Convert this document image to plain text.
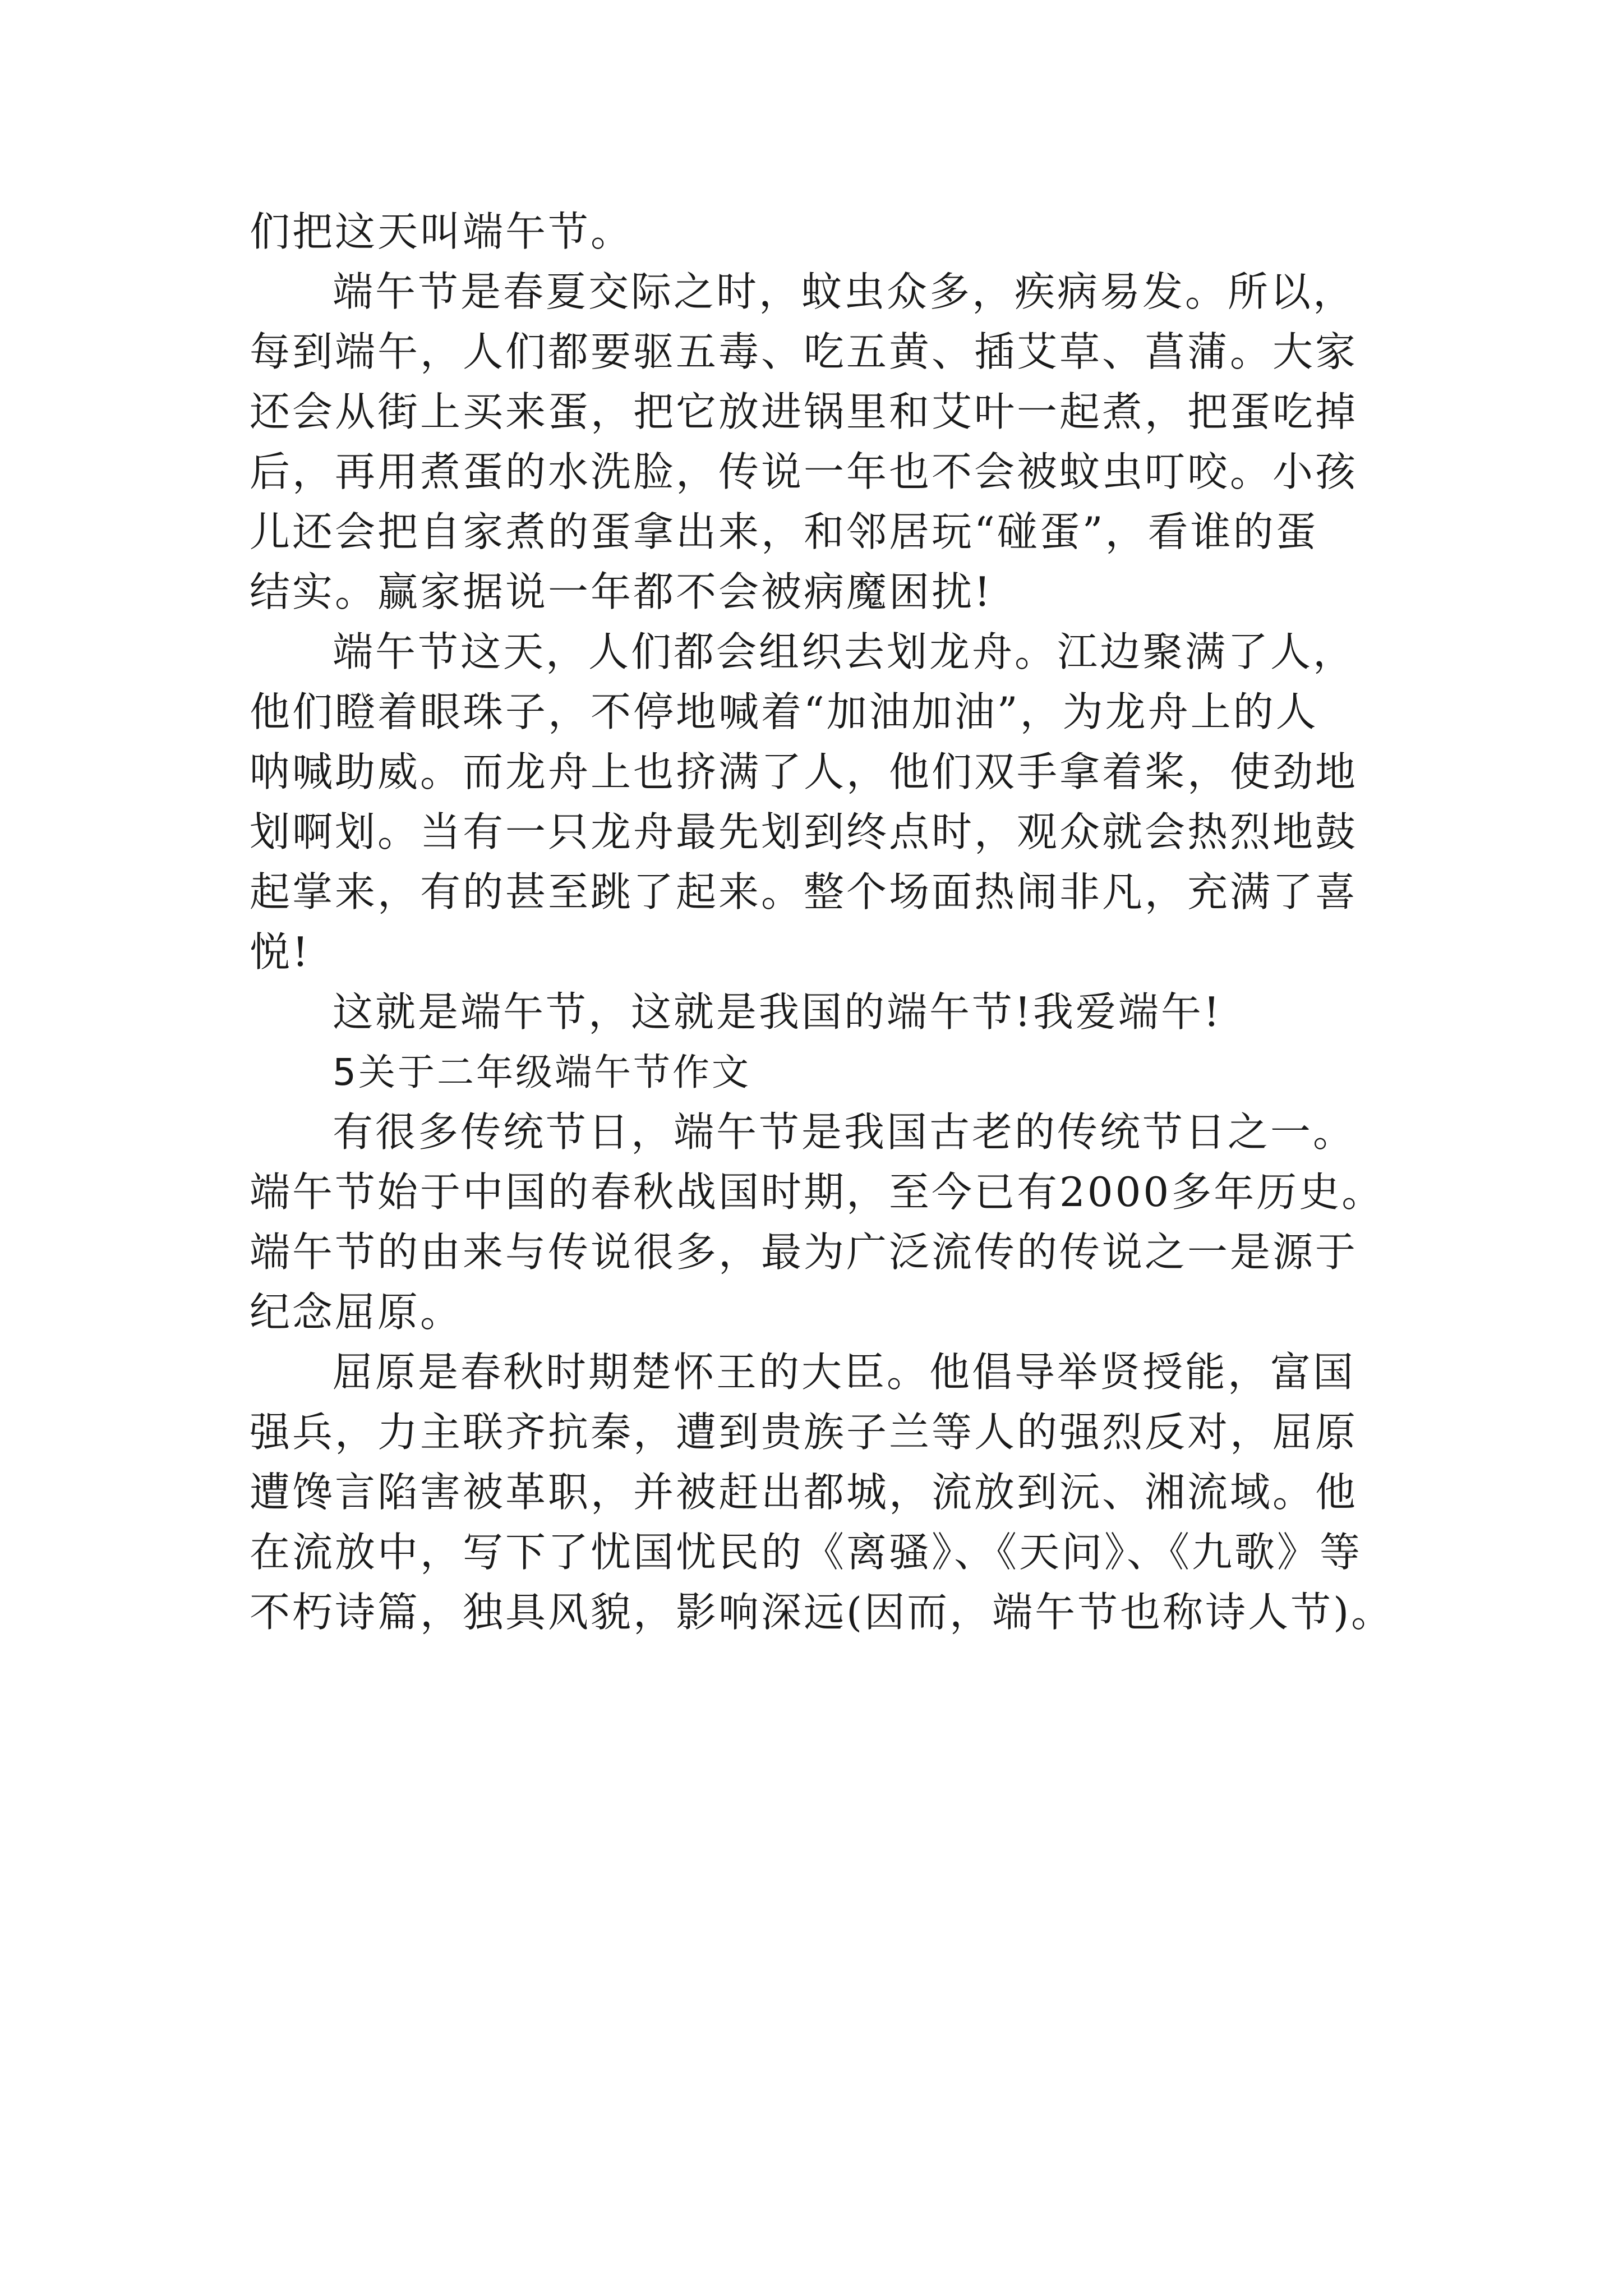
们把这天叫端午节。
端午节是春夏交际之时，蚊虫众多，疾病易发。所以，
每到端午，人们都要驱五毒、吃五黄、插艾草、菖蒲。大家
还会从街上买来蛋，把它放进锅里和艾叶一起煮，把蛋吃掉
后，再用煮蛋的水洗脸，传说一年也不会被蚊虫叮咬。小孩
儿还会把自家煮的蛋拿出来，和邻居玩“碰蛋”，看谁的蛋
结实。赢家据说一年都不会被病魔困扰!
端午节这天，人们都会组织去划龙舟。江边聚满了人，
他们瞪着眼珠子，不停地喊着“加油加油”，为龙舟上的人
呐喊助威。而龙舟上也挤满了人，他们双手拿着桨，使劲地
划啊划。当有一只龙舟最先划到终点时，观众就会热烈地鼓
起掌来，有的甚至跳了起来。整个场面热闹非凡，充满了喜
悦!
这就是端午节，这就是我国的端午节!我爱端午!
5关于二年级端午节作文
有很多传统节日，端午节是我国古老的传统节日之一。
端午节始于中国的春秋战国时期，至今已有2000多年历史。
端午节的由来与传说很多，最为广泛流传的传说之一是源于
纪念屈原。
屈原是春秋时期楚怀王的大臣。他倡导举贤授能，富国
强兵，力主联齐抗秦，遭到贵族子兰等人的强烈反对，屈原
遭馋言陷害被革职，并被赶出都城，流放到沅、湘流域。他
在流放中，写下了忧国忧民的《离骚》、《天问》、《九歌》等
不朽诗篇，独具风貌，影响深远(因而，端午节也称诗人节)。
